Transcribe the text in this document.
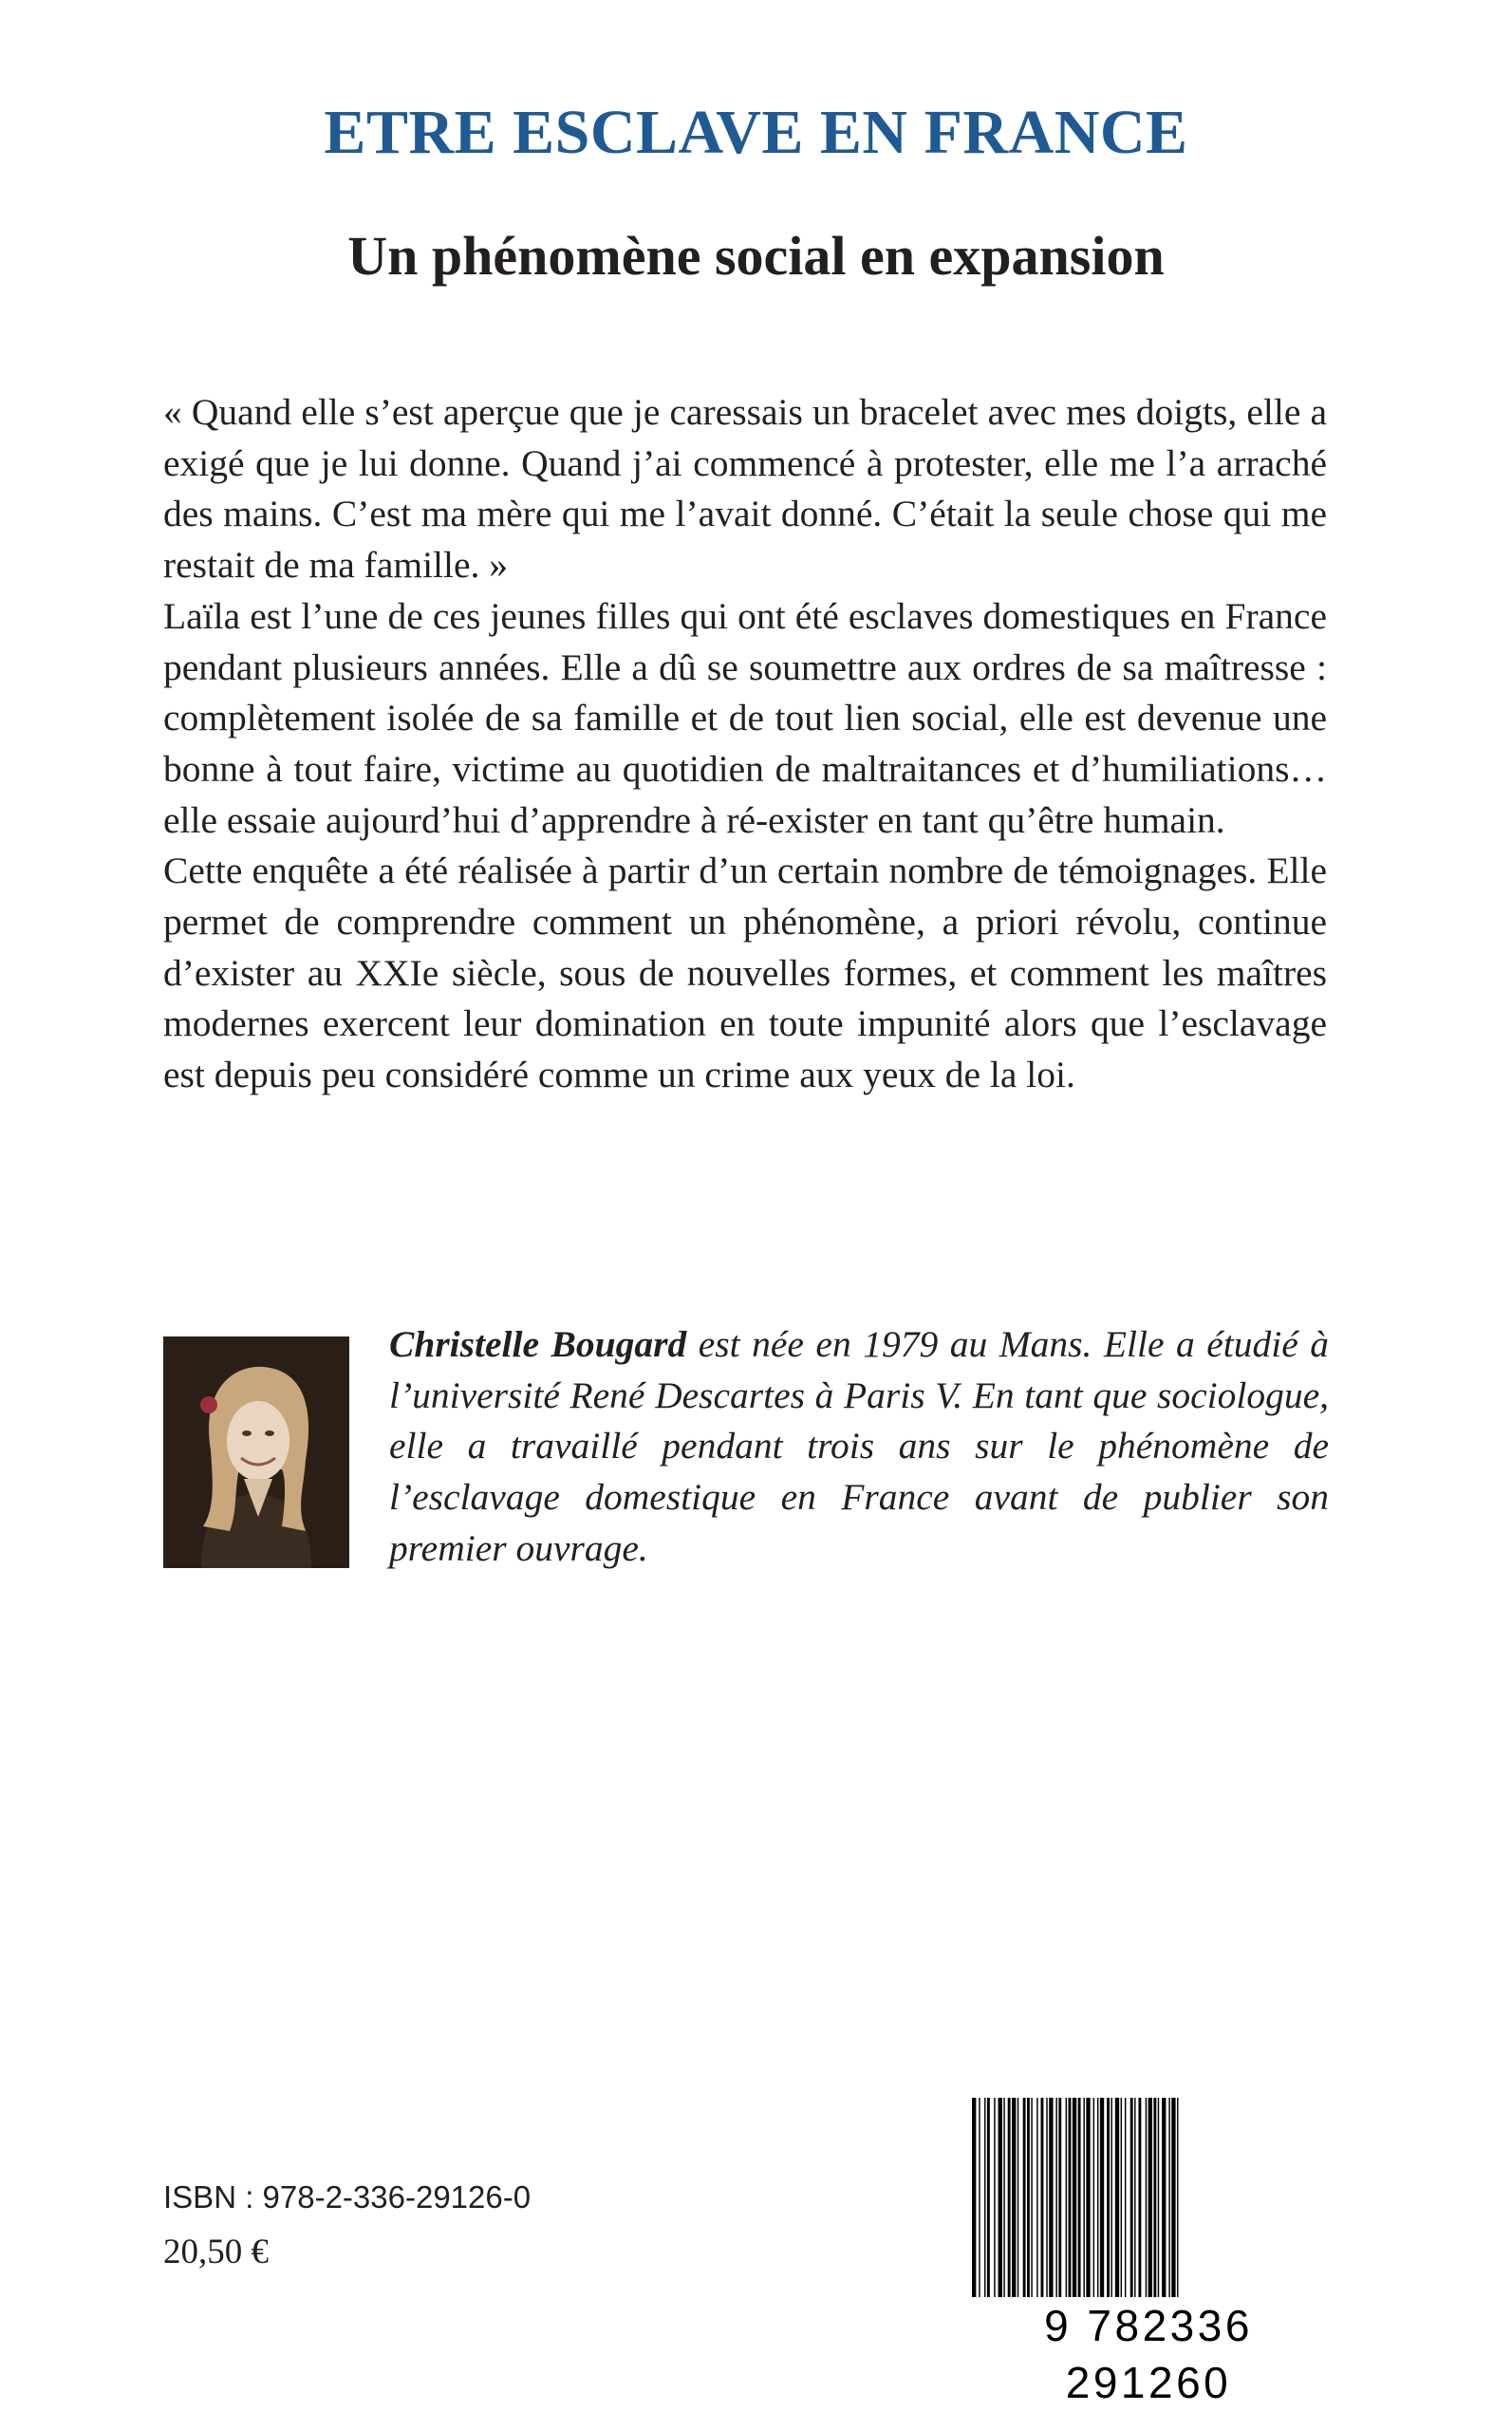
ETRE ESCLAVE EN FRANCE
Un phénomène social en expansion

« Quand elle s’est aperçue que je caressais un bracelet avec mes doigts, elle a exigé que je lui donne. Quand j’ai commencé à protester, elle me l’a arraché des mains. C’est ma mère qui me l’avait donné. C’était la seule chose qui me restait de ma famille. »

Laïla est l’une de ces jeunes filles qui ont été esclaves domestiques en France pendant plusieurs années. Elle a dû se soumettre aux ordres de sa maîtresse : complètement isolée de sa famille et de tout lien social, elle est devenue une bonne à tout faire, victime au quotidien de maltraitances et d’humiliations… elle essaie aujourd’hui d’apprendre à ré-exister en tant qu’être humain.

Cette enquête a été réalisée à partir d’un certain nombre de témoignages. Elle permet de comprendre comment un phénomène, a priori révolu, continue d’exister au XXIe siècle, sous de nouvelles formes, et comment les maîtres modernes exercent leur domination en toute impunité alors que l’esclavage est depuis peu considéré comme un crime aux yeux de la loi.

Christelle Bougard est née en 1979 au Mans. Elle a étudié à l’université René Descartes à Paris V. En tant que sociologue, elle a travaillé pendant trois ans sur le phénomène de l’esclavage domestique en France avant de publier son premier ouvrage.

ISBN : 978-2-336-29126-0
20,50 €
9 782336 291260
